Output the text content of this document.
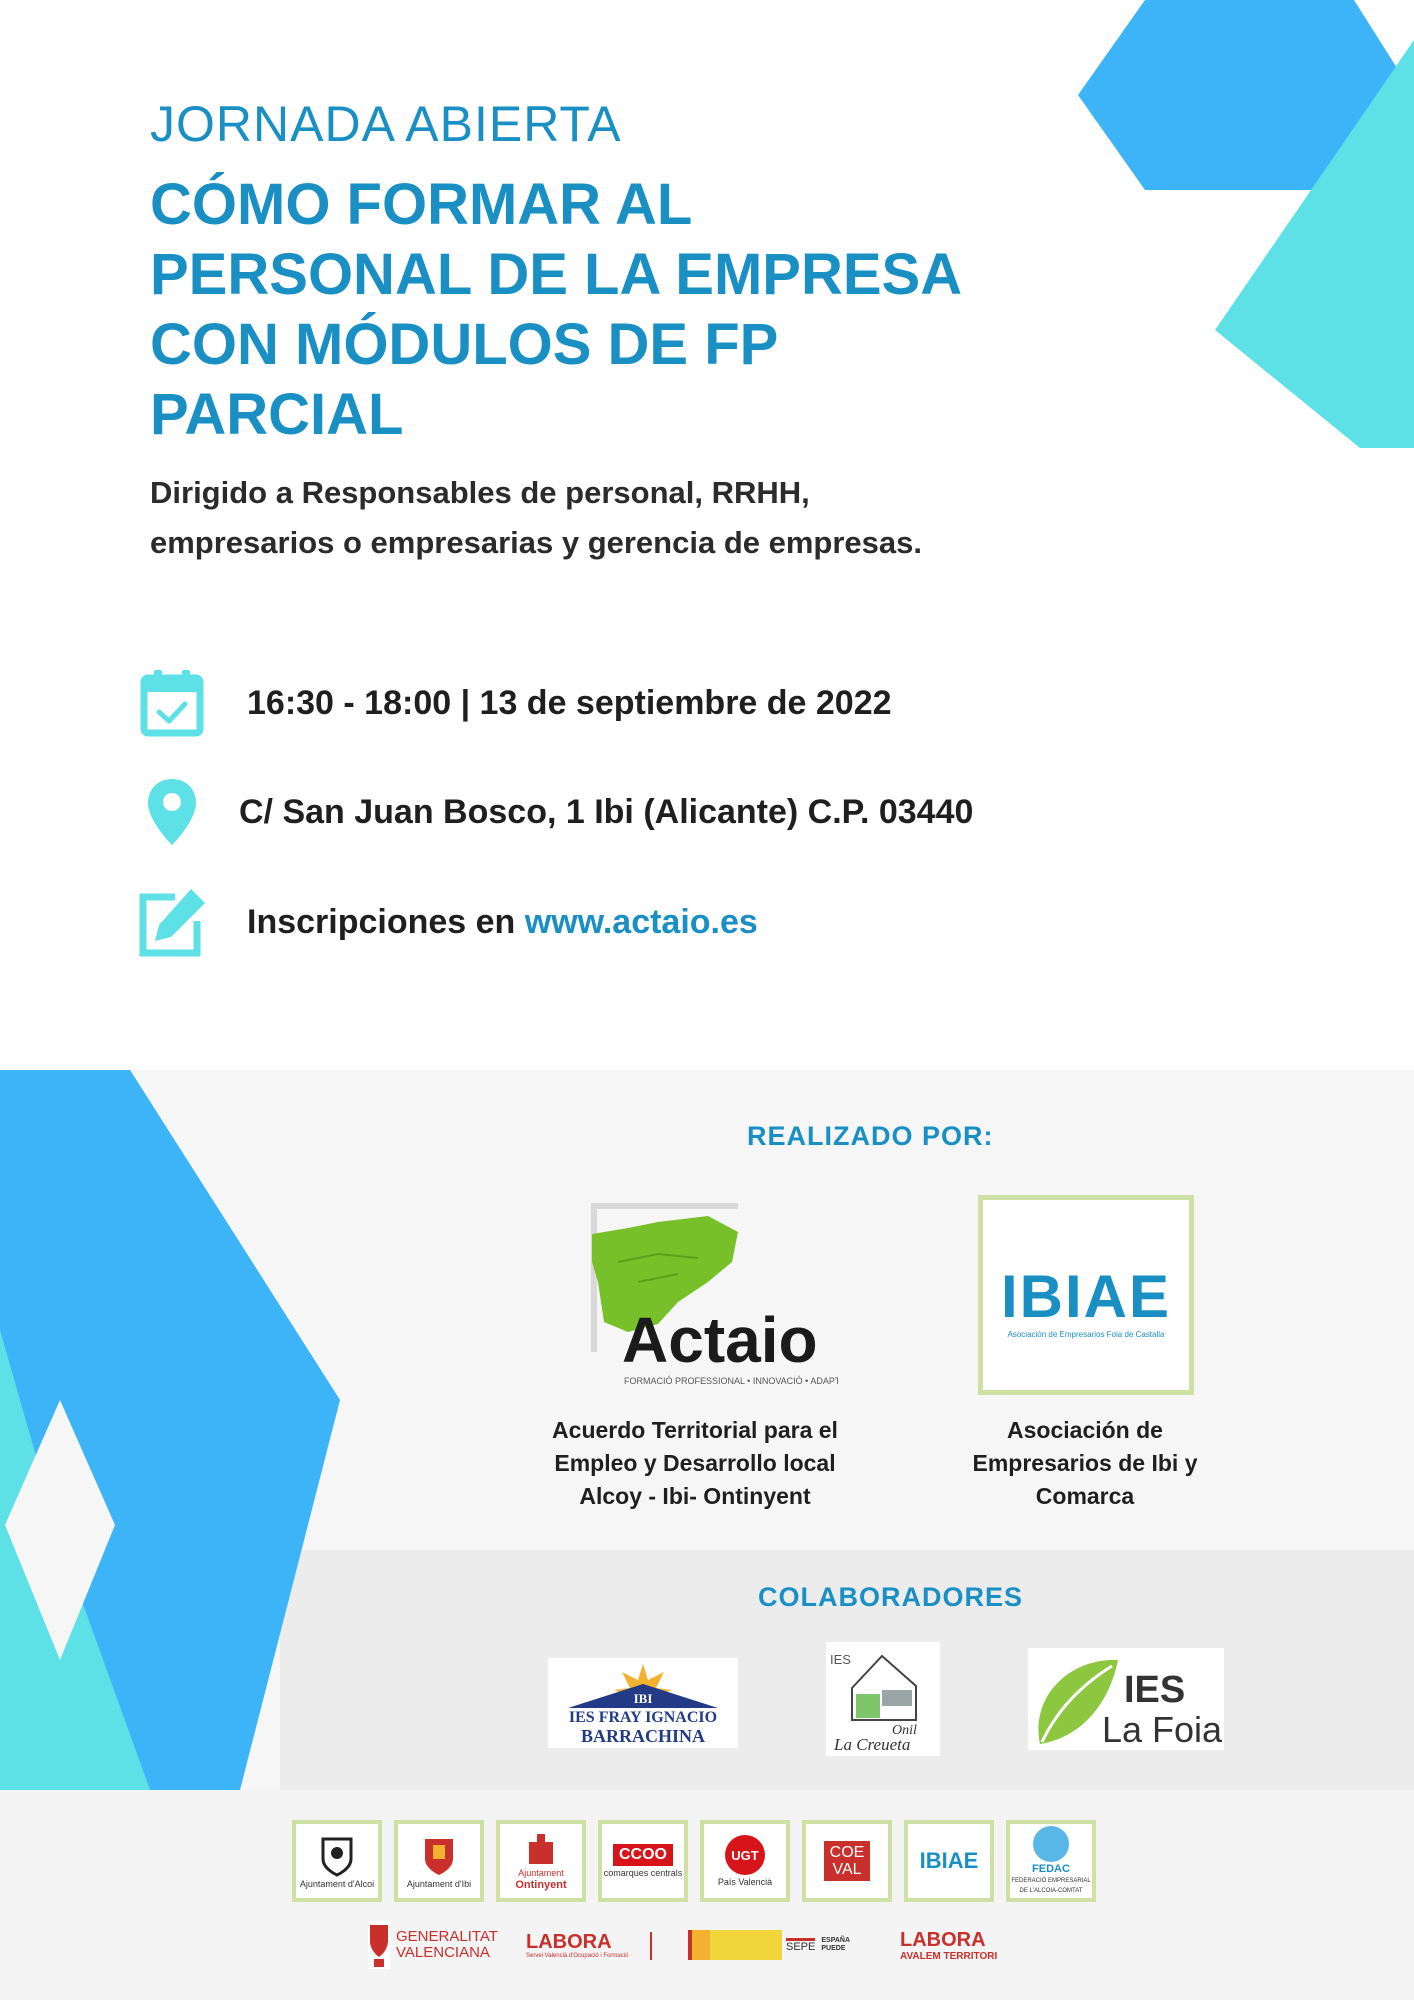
JORNADA ABIERTA
CÓMO FORMAR AL
PERSONAL DE LA EMPRESA
CON MÓDULOS DE FP
PARCIAL
Dirigido a Responsables de personal, RRHH,
empresarios o empresarias y gerencia de empresas.
16:30 - 18:00 | 13 de septiembre de 2022
C/ San Juan Bosco, 1 Ibi (Alicante) C.P. 03440
Inscripciones en www.actaio.es
REALIZADO POR:
Actaio
FORMACIÓ PROFESSIONAL • INNOVACIÓ • ADAPTACIÓ
IBIAE
Asociación de Empresarios Foia de Castalla
Acuerdo Territorial para el
Empleo y Desarrollo local
Alcoy - Ibi- Ontinyent
Asociación de
Empresarios de Ibi y
Comarca
COLABORADORES
IBI
IES FRAY IGNACIO
BARRACHINA
IES
Onil
La Creueta
IES
La Foia
Ajuntament d'Alcoi	Ajuntament d'Ibi
Ajuntament
Ontinyent
CCOO
comarques centrals
UGT
País Valencià
COE
VAL	IBIAE	FEDAC
FEDERACIÓ EMPRESARIAL DE L'ALCOIA-COMTAT
GENERALITAT
VALENCIANA	LABORA
Servei Valencià d'Ocupació i Formació
SEPE ESPAÑA PUEDE	LABORA
AVALEM TERRITORI
